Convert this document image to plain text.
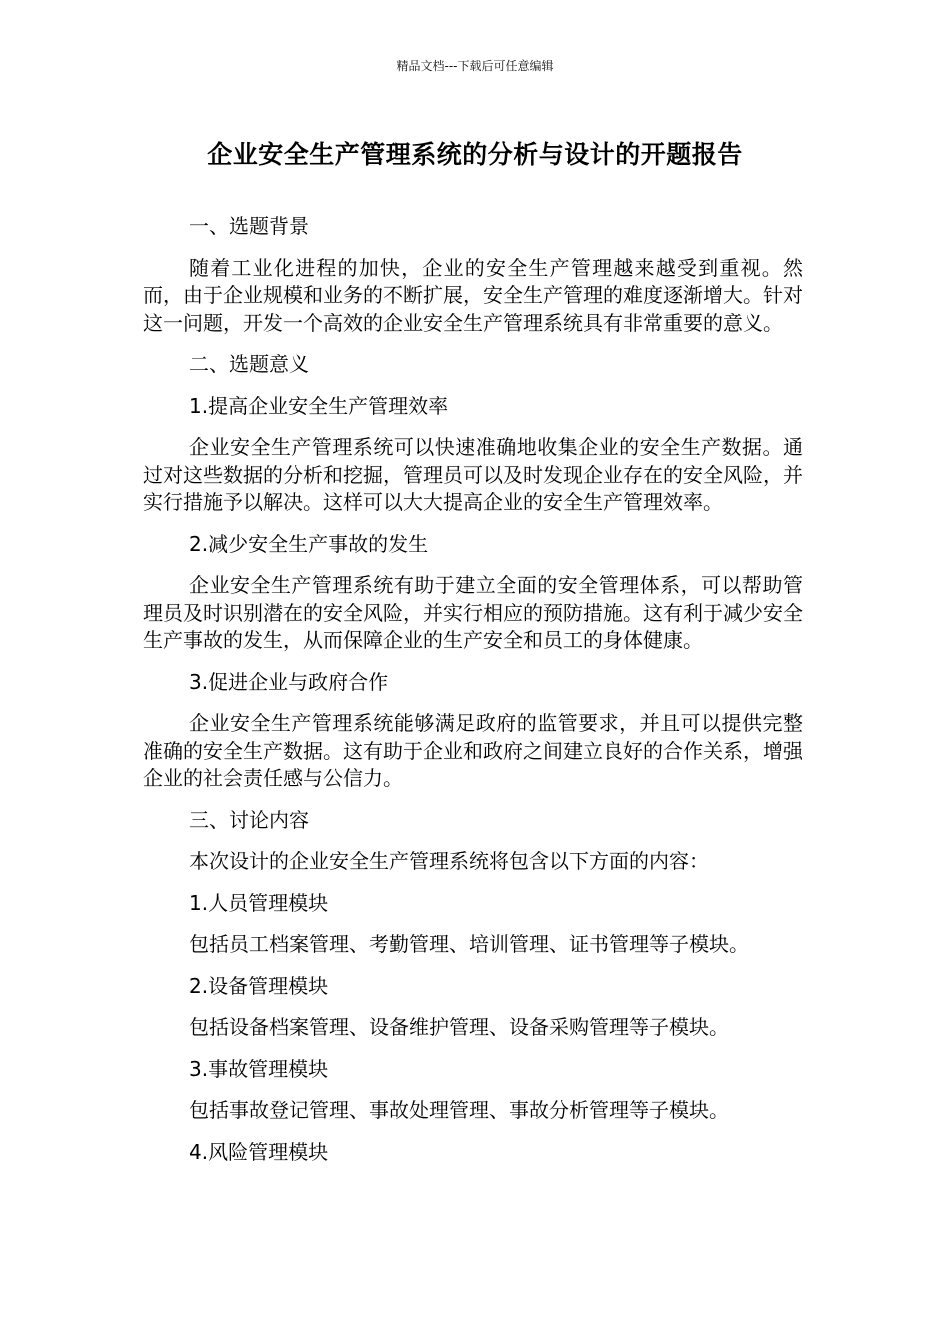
精品文档---下载后可任意编辑
企业安全生产管理系统的分析与设计的开题报告

一、选题背景

随着工业化进程的加快，企业的安全生产管理越来越受到重视。然而，由于企业规模和业务的不断扩展，安全生产管理的难度逐渐增大。针对这一问题，开发一个高效的企业安全生产管理系统具有非常重要的意义。

二、选题意义

1.提高企业安全生产管理效率

企业安全生产管理系统可以快速准确地收集企业的安全生产数据。通过对这些数据的分析和挖掘，管理员可以及时发现企业存在的安全风险，并实行措施予以解决。这样可以大大提高企业的安全生产管理效率。

2.减少安全生产事故的发生

企业安全生产管理系统有助于建立全面的安全管理体系，可以帮助管理员及时识别潜在的安全风险，并实行相应的预防措施。这有利于减少安全生产事故的发生，从而保障企业的生产安全和员工的身体健康。

3.促进企业与政府合作

企业安全生产管理系统能够满足政府的监管要求，并且可以提供完整准确的安全生产数据。这有助于企业和政府之间建立良好的合作关系，增强企业的社会责任感与公信力。

三、讨论内容

本次设计的企业安全生产管理系统将包含以下方面的内容：

1.人员管理模块

包括员工档案管理、考勤管理、培训管理、证书管理等子模块。

2.设备管理模块

包括设备档案管理、设备维护管理、设备采购管理等子模块。

3.事故管理模块

包括事故登记管理、事故处理管理、事故分析管理等子模块。

4.风险管理模块
